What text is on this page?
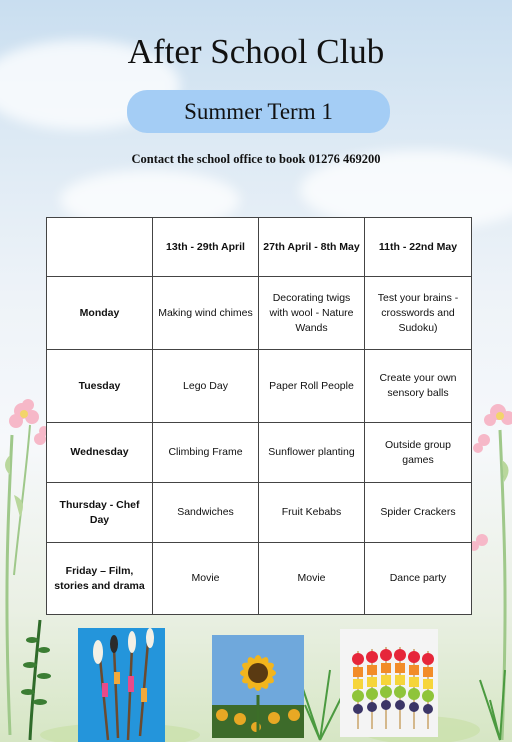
After School Club
Summer Term 1
Contact the school office to book 01276 469200
	13th - 29th April	27th April - 8th May	11th - 22nd May
Monday	Making wind chimes	Decorating twigs with wool - Nature Wands	Test your brains - crosswords and Sudoku)
Tuesday	Lego Day	Paper Roll People	Create your own sensory balls
Wednesday	Climbing Frame	Sunflower planting	Outside group games
Thursday - Chef Day	Sandwiches	Fruit Kebabs	Spider Crackers
Friday – Film, stories and drama	Movie	Movie	Dance party
